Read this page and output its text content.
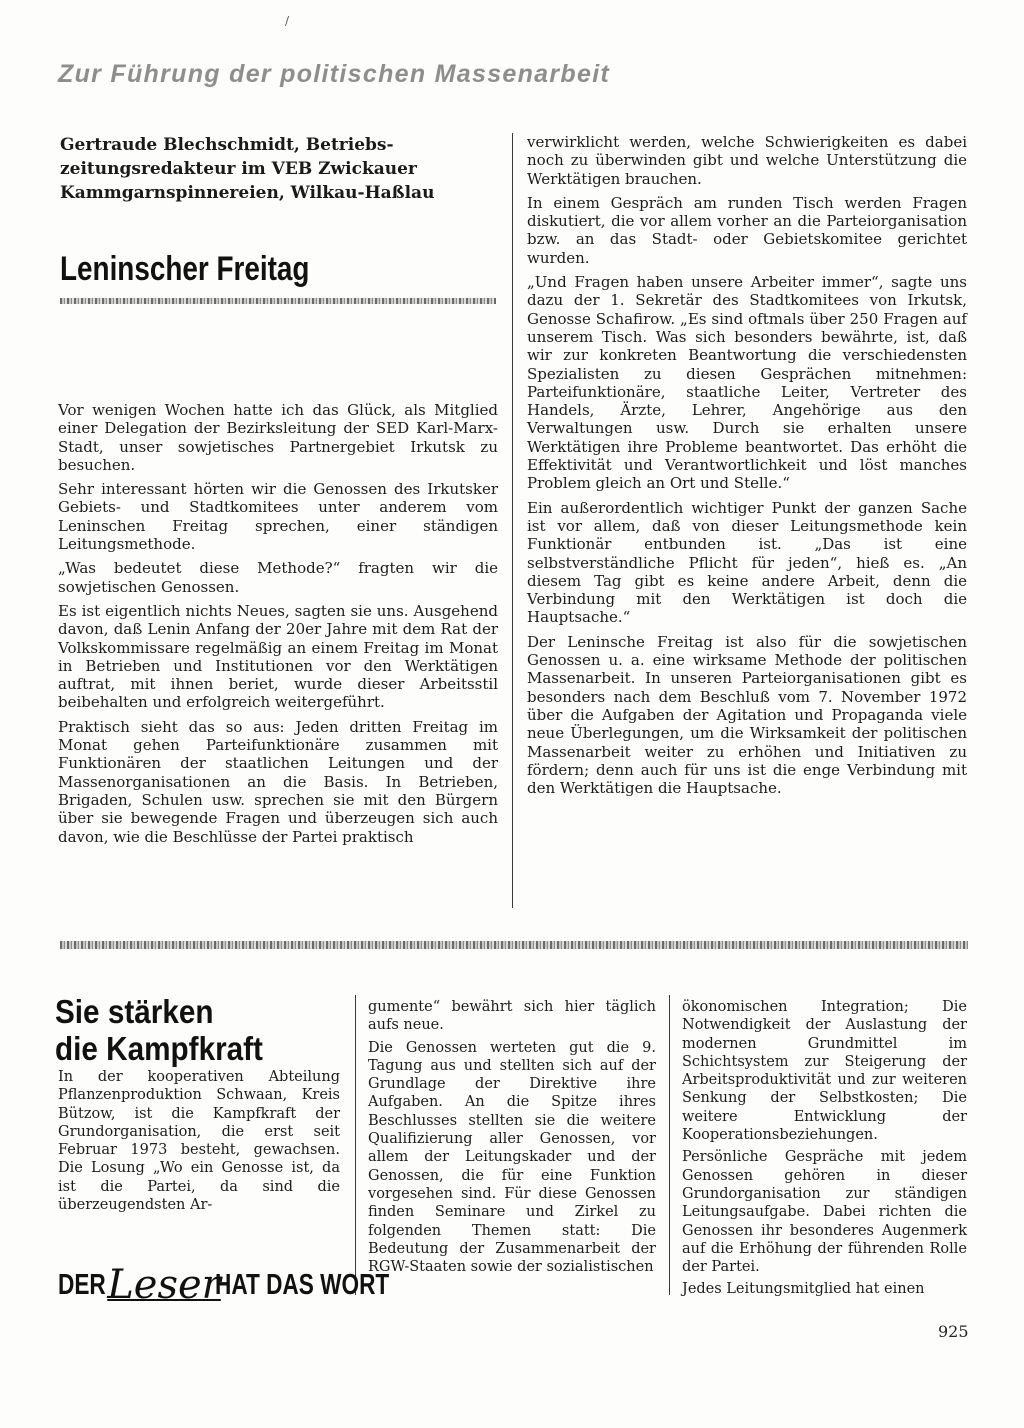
/
Zur Führung der politischen Massenarbeit
Gertraude Blechschmidt, Betriebs-
zeitungsredakteur im VEB Zwickauer
Kammgarnspinnereien, Wilkau-Haßlau
Leninscher Freitag

Vor wenigen Wochen hatte ich das Glück, als Mitglied einer Delegation der Bezirksleitung der SED Karl-Marx-Stadt, unser sowjetisches Partnergebiet Irkutsk zu besuchen.

Sehr interessant hörten wir die Genossen des Irkutsker Gebiets- und Stadtkomitees unter anderem vom Leninschen Freitag sprechen, einer ständigen Leitungsmethode.

„Was bedeutet diese Methode?“ fragten wir die sowjetischen Genossen.

Es ist eigentlich nichts Neues, sagten sie uns. Ausgehend davon, daß Lenin Anfang der 20er Jahre mit dem Rat der Volkskommissare regelmäßig an einem Freitag im Monat in Betrieben und Institutionen vor den Werktätigen auftrat, mit ihnen beriet, wurde dieser Arbeitsstil beibehalten und erfolgreich weitergeführt.

Praktisch sieht das so aus: Jeden dritten Freitag im Monat gehen Parteifunktionäre zusammen mit Funktionären der staatlichen Leitungen und der Massenorganisationen an die Basis. In Betrieben, Brigaden, Schulen usw. sprechen sie mit den Bürgern über sie bewegende Fragen und überzeugen sich auch davon, wie die Beschlüsse der Partei praktisch

verwirklicht werden, welche Schwierigkeiten es dabei noch zu überwinden gibt und welche Unterstützung die Werktätigen brauchen.

In einem Gespräch am runden Tisch werden Fragen diskutiert, die vor allem vorher an die Parteiorganisation bzw. an das Stadt- oder Gebietskomitee gerichtet wurden.

„Und Fragen haben unsere Arbeiter immer“, sagte uns dazu der 1. Sekretär des Stadtkomitees von Irkutsk, Genosse Schafirow. „Es sind oftmals über 250 Fragen auf unserem Tisch. Was sich besonders bewährte, ist, daß wir zur konkreten Beantwortung die verschiedensten Spezialisten zu diesen Gesprächen mitnehmen: Parteifunktionäre, staatliche Leiter, Vertreter des Handels, Ärzte, Lehrer, Angehörige aus den Verwaltungen usw. Durch sie erhalten unsere Werktätigen ihre Probleme beantwortet. Das erhöht die Effektivität und Verantwortlichkeit und löst manches Problem gleich an Ort und Stelle.“

Ein außerordentlich wichtiger Punkt der ganzen Sache ist vor allem, daß von dieser Leitungsmethode kein Funktionär entbunden ist. „Das ist eine selbstverständliche Pflicht für jeden“, hieß es. „An diesem Tag gibt es keine andere Arbeit, denn die Verbindung mit den Werktätigen ist doch die Hauptsache.“

Der Leninsche Freitag ist also für die sowjetischen Genossen u. a. eine wirksame Methode der politischen Massenarbeit. In unseren Parteiorganisationen gibt es besonders nach dem Beschluß vom 7. November 1972 über die Aufgaben der Agitation und Propaganda viele neue Überlegungen, um die Wirksamkeit der politischen Massenarbeit weiter zu erhöhen und Initiativen zu fördern; denn auch für uns ist die enge Verbindung mit den Werktätigen die Hauptsache.

Sie stärken
die Kampfkraft

In der kooperativen Abteilung Pflanzenproduktion Schwaan, Kreis Bützow, ist die Kampfkraft der Grundorganisation, die erst seit Februar 1973 besteht, gewachsen. Die Losung „Wo ein Genosse ist, da ist die Partei, da sind die überzeugendsten Ar-

gumente“ bewährt sich hier täglich aufs neue.

Die Genossen werteten gut die 9. Tagung aus und stellten sich auf der Grundlage der Direktive ihre Aufgaben. An die Spitze ihres Beschlusses stellten sie die weitere Qualifizierung aller Genossen, vor allem der Leitungskader und der Genossen, die für eine Funktion vorgesehen sind. Für diese Genossen finden Seminare und Zirkel zu folgenden Themen statt: Die Bedeutung der Zusammenarbeit der RGW-Staaten sowie der sozialistischen

ökonomischen Integration; Die Notwendigkeit der Auslastung der modernen Grundmittel im Schichtsystem zur Steigerung der Arbeitsproduktivität und zur weiteren Senkung der Selbstkosten; Die weitere Entwicklung der Kooperationsbeziehungen.

Persönliche Gespräche mit jedem Genossen gehören in dieser Grundorganisation zur ständigen Leitungsaufgabe. Dabei richten die Genossen ihr besonderes Augenmerk auf die Erhöhung der führenden Rolle der Partei.

Jedes Leitungsmitglied hat einen

DERLeserHAT DAS WORT
925
